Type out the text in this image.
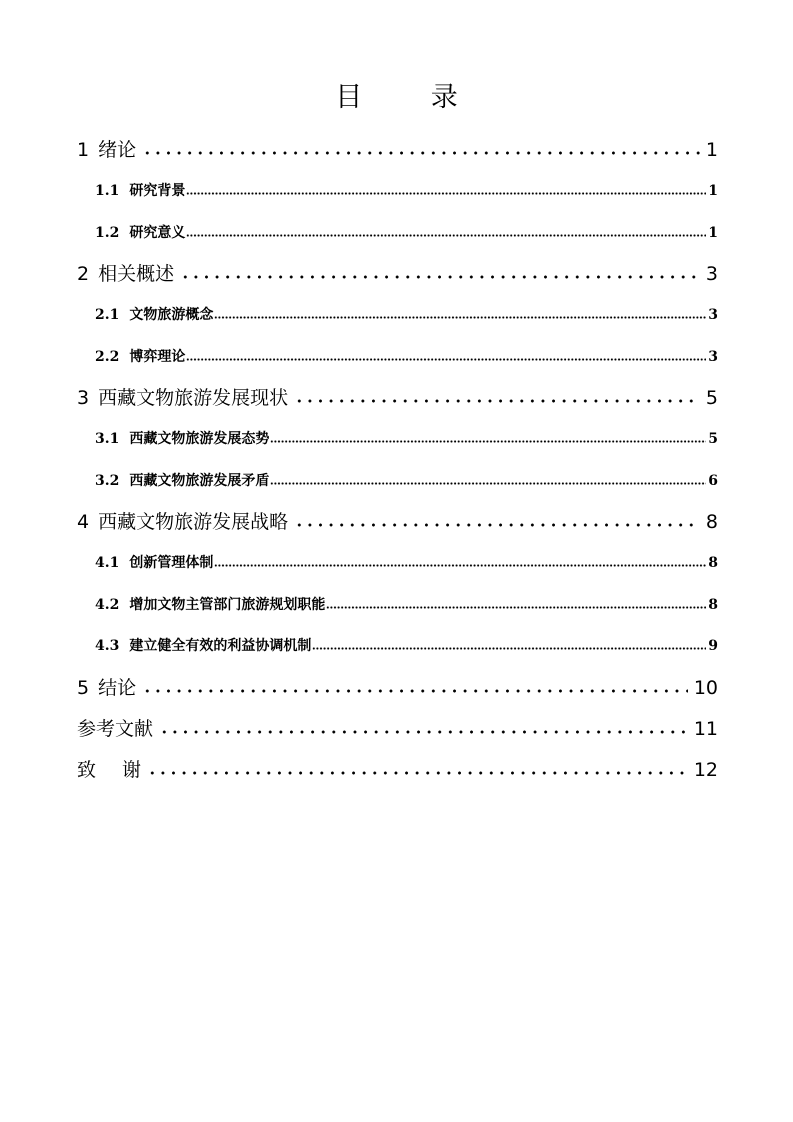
目 录
1 绪论	1
1.1 研究背景	1
1.2 研究意义	1
2 相关概述	3
2.1 文物旅游概念	3
2.2 博弈理论	3
3 西藏文物旅游发展现状	5
3.1 西藏文物旅游发展态势	5
3.2 西藏文物旅游发展矛盾	6
4 西藏文物旅游发展战略	8
4.1 创新管理体制	8
4.2 增加文物主管部门旅游规划职能	8
4.3 建立健全有效的利益协调机制	9
5 结论	10
参考文献	11
致 谢	12
